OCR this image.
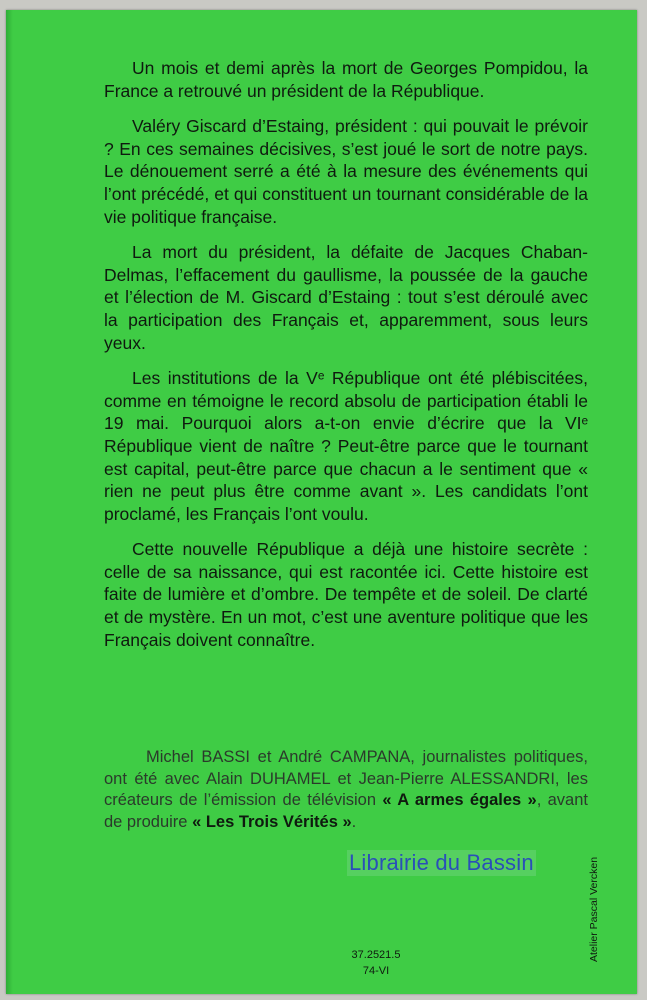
Un mois et demi après la mort de Georges Pompidou, la France a retrouvé un président de la République.

Valéry Giscard d’Estaing, président : qui pouvait le prévoir ? En ces semaines décisives, s’est joué le sort de notre pays. Le dénouement serré a été à la mesure des événements qui l’ont précédé, et qui constituent un tournant considérable de la vie politique française.

La mort du président, la défaite de Jacques Chaban-Delmas, l’effacement du gaullisme, la poussée de la gauche et l’élection de M. Giscard d’Estaing : tout s’est déroulé avec la participation des Français et, apparemment, sous leurs yeux.

Les institutions de la Vᵉ République ont été plébiscitées, comme en témoigne le record absolu de participation établi le 19 mai. Pourquoi alors a-t-on envie d’écrire que la VIᵉ République vient de naître ? Peut-être parce que le tournant est capital, peut-être parce que chacun a le sentiment que « rien ne peut plus être comme avant ». Les candidats l’ont proclamé, les Français l’ont voulu.

Cette nouvelle République a déjà une histoire secrète : celle de sa naissance, qui est racontée ici. Cette histoire est faite de lumière et d’ombre. De tempête et de soleil. De clarté et de mystère. En un mot, c’est une aventure politique que les Français doivent connaître.

Michel BASSI et André CAMPANA, journalistes politiques, ont été avec Alain DUHAMEL et Jean-Pierre ALESSANDRI, les créateurs de l’émission de télévision « A armes égales », avant de produire « Les Trois Vérités ».
Librairie du Bassin
37.2521.5
74-VI
Atelier Pascal Vercken
